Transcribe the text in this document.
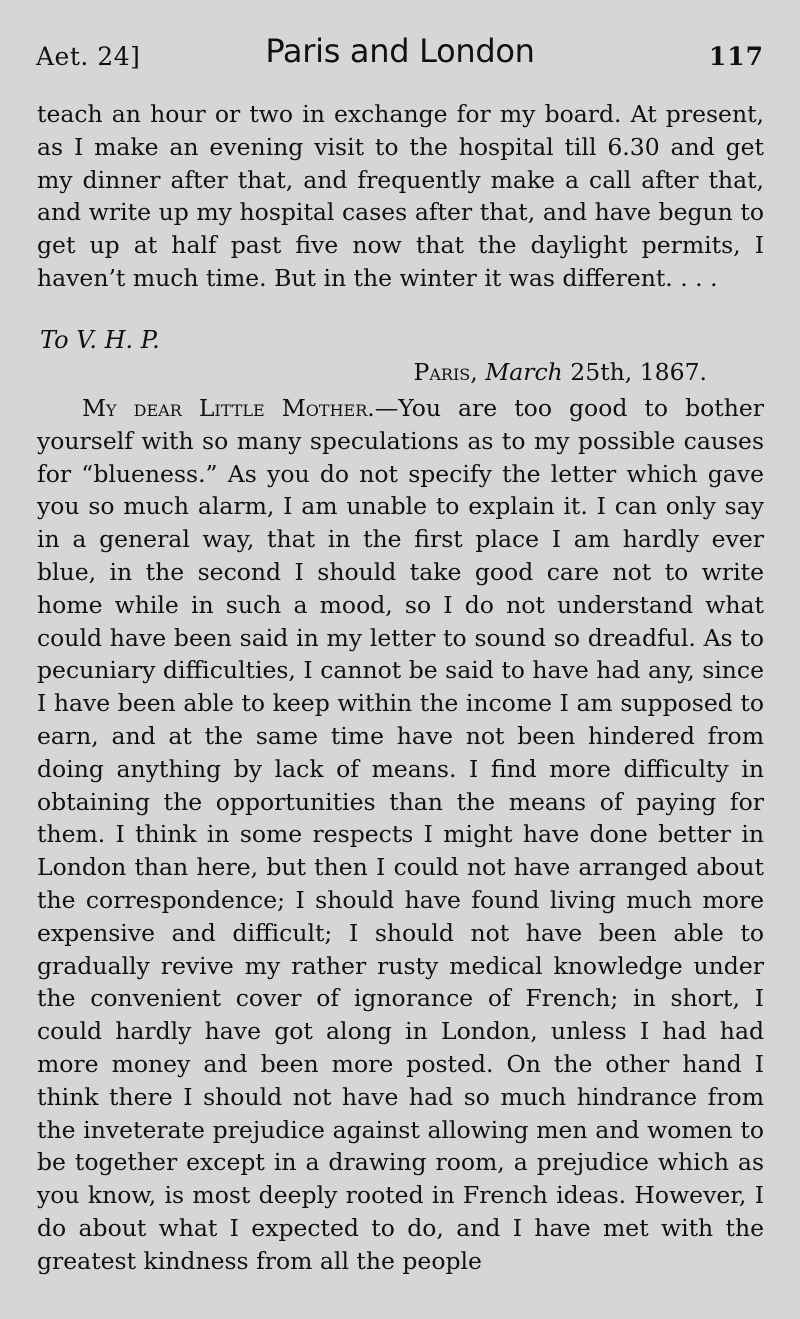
Aet. 24]	Paris and London	117

teach an hour or two in exchange for my board. At present, as I make an evening visit to the hospital till 6.30 and get my dinner after that, and frequently make a call after that, and write up my hospital cases after that, and have begun to get up at half past five now that the daylight permits, I haven’t much time. But in the winter it was different. . . .

To V. H. P.
Paris, March 25th, 1867.

My dear Little Mother.—You are too good to bother yourself with so many speculations as to my possible causes for “blueness.” As you do not specify the letter which gave you so much alarm, I am unable to explain it. I can only say in a general way, that in the first place I am hardly ever blue, in the second I should take good care not to write home while in such a mood, so I do not understand what could have been said in my letter to sound so dreadful. As to pecuniary difficulties, I cannot be said to have had any, since I have been able to keep within the income I am supposed to earn, and at the same time have not been hindered from doing anything by lack of means. I find more difficulty in obtaining the opportunities than the means of paying for them. I think in some respects I might have done better in London than here, but then I could not have arranged about the correspondence; I should have found living much more expensive and difficult; I should not have been able to gradually revive my rather rusty medical knowledge under the convenient cover of ignorance of French; in short, I could hardly have got along in London, unless I had had more money and been more posted. On the other hand I think there I should not have had so much hindrance from the inveterate prejudice against allowing men and women to be together except in a drawing room, a prejudice which as you know, is most deeply rooted in French ideas. However, I do about what I expected to do, and I have met with the greatest kindness from all the people
